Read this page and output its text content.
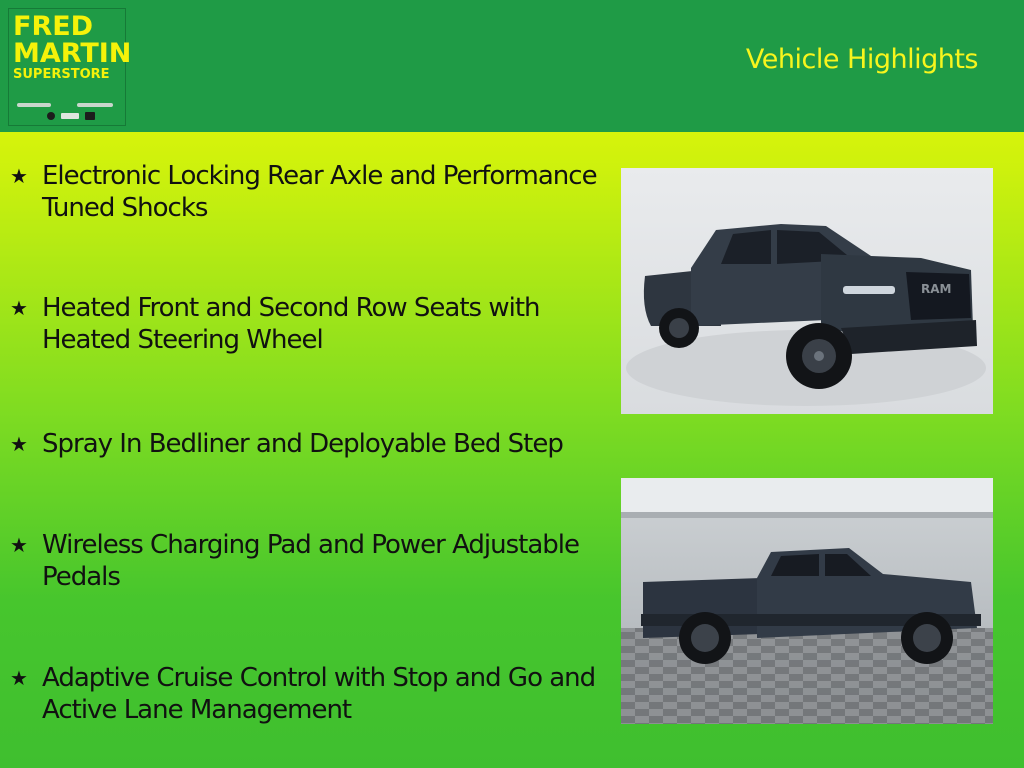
FRED
MARTIN
SUPERSTORE	Vehicle Highlights
★ Electronic Locking Rear Axle and Performance Tuned Shocks
★ Heated Front and Second Row Seats with Heated Steering Wheel
★ Spray In Bedliner and Deployable Bed Step
★ Wireless Charging Pad and Power Adjustable Pedals
★ Adaptive Cruise Control with Stop and Go and Active Lane Management
RAM
